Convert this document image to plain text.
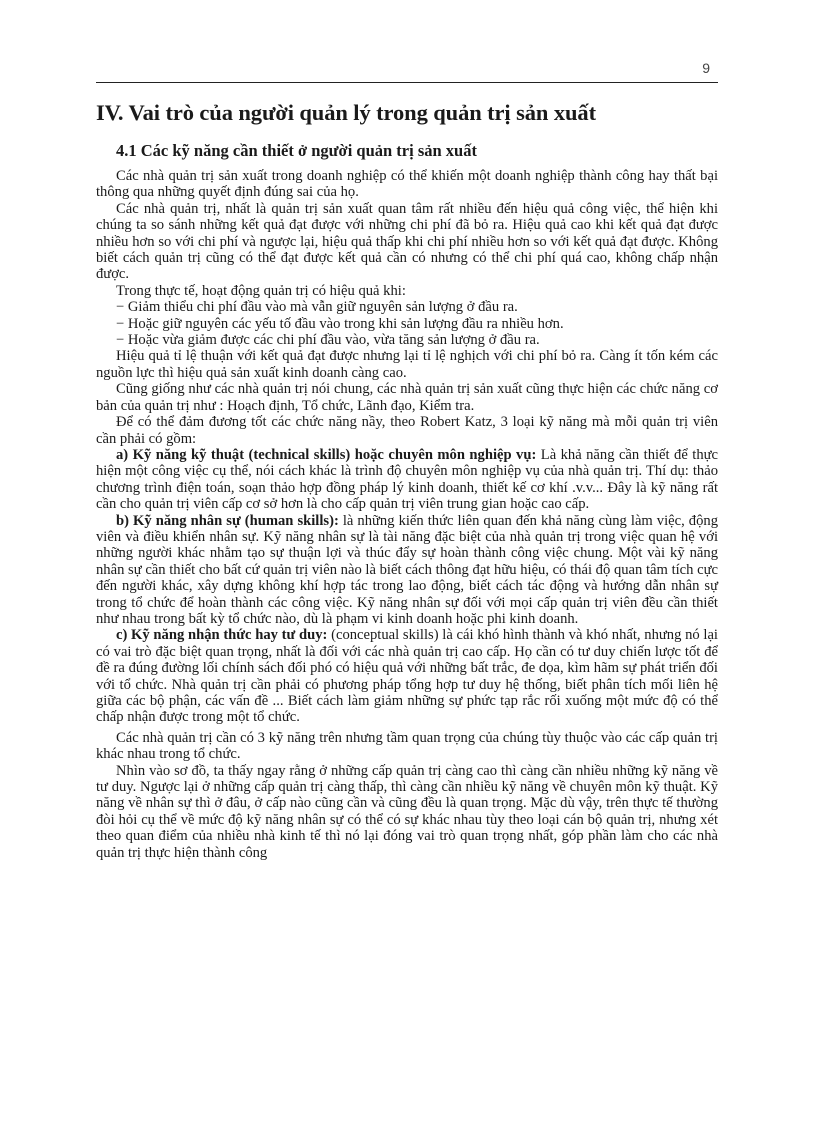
9
IV. Vai trò của người quản lý trong quản trị sản xuất
4.1 Các kỹ năng cần thiết ở người quản trị sản xuất

Các nhà quản trị sản xuất trong doanh nghiệp có thể khiến một doanh nghiệp thành công hay thất bại thông qua những quyết định đúng sai của họ.

Các nhà quản trị, nhất là quản trị sản xuất quan tâm rất nhiều đến hiệu quả công việc, thể hiện khi chúng ta so sánh những kết quả đạt được với những chi phí đã bỏ ra. Hiệu quả cao khi kết quả đạt được nhiều hơn so với chi phí và ngược lại, hiệu quả thấp khi chi phí nhiều hơn so với kết quả đạt được. Không biết cách quản trị cũng có thể đạt được kết quả cần có nhưng có thể chi phí quá cao, không chấp nhận được.

Trong thực tế, hoạt động quản trị có hiệu quả khi:

− Giảm thiểu chi phí đầu vào mà vẫn giữ nguyên sản lượng ở đầu ra.

− Hoặc giữ nguyên các yếu tố đầu vào trong khi sản lượng đầu ra nhiều hơn.

− Hoặc vừa giảm được các chi phí đầu vào, vừa tăng sản lượng ở đầu ra.

Hiệu quả tỉ lệ thuận với kết quả đạt được nhưng lại tỉ lệ nghịch với chi phí bỏ ra. Càng ít tốn kém các nguồn lực thì hiệu quả sản xuất kinh doanh càng cao.

Cũng giống như các nhà quản trị nói chung, các nhà quản trị sản xuất cũng thực hiện các chức năng cơ bản của quản trị như : Hoạch định, Tổ chức, Lãnh đạo, Kiểm tra.

Để có thể đảm đương tốt các chức năng nầy, theo Robert Katz, 3 loại kỹ năng mà mỗi quản trị viên cần phải có gồm:

a) Kỹ năng kỹ thuật (technical skills) hoặc chuyên môn nghiệp vụ: Là khả năng cần thiết để thực hiện một công việc cụ thể, nói cách khác là trình độ chuyên môn nghiệp vụ của nhà quản trị. Thí dụ: thảo chương trình điện toán, soạn thảo hợp đồng pháp lý kinh doanh, thiết kế cơ khí .v.v... Đây là kỹ năng rất cần cho quản trị viên cấp cơ sở hơn là cho cấp quản trị viên trung gian hoặc cao cấp.

b) Kỹ năng nhân sự (human skills): là những kiến thức liên quan đến khả năng cùng làm việc, động viên và điều khiển nhân sự. Kỹ năng nhân sự là tài năng đặc biệt của nhà quản trị trong việc quan hệ với những người khác nhằm tạo sự thuận lợi và thúc đẩy sự hoàn thành công việc chung. Một vài kỹ năng nhân sự cần thiết cho bất cứ quản trị viên nào là biết cách thông đạt hữu hiệu, có thái độ quan tâm tích cực đến người khác, xây dựng không khí hợp tác trong lao động, biết cách tác động và hướng dẫn nhân sự trong tổ chức để hoàn thành các công việc. Kỹ năng nhân sự đối với mọi cấp quản trị viên đều cần thiết như nhau trong bất kỳ tổ chức nào, dù là phạm vi kinh doanh hoặc phi kinh doanh.

c) Kỹ năng nhận thức hay tư duy: (conceptual skills) là cái khó hình thành và khó nhất, nhưng nó lại có vai trò đặc biệt quan trọng, nhất là đối với các nhà quản trị cao cấp. Họ cần có tư duy chiến lược tốt để đề ra đúng đường lối chính sách đối phó có hiệu quả với những bất trắc, đe dọa, kìm hãm sự phát triển đối với tổ chức. Nhà quản trị cần phải có phương pháp tổng hợp tư duy hệ thống, biết phân tích mối liên hệ giữa các bộ phận, các vấn đề ... Biết cách làm giảm những sự phức tạp rắc rối xuống một mức độ có thể chấp nhận được trong một tổ chức.

Các nhà quản trị cần có 3 kỹ năng trên nhưng tầm quan trọng của chúng tùy thuộc vào các cấp quản trị khác nhau trong tổ chức.

Nhìn vào sơ đồ, ta thấy ngay rằng ở những cấp quản trị càng cao thì càng cần nhiều những kỹ năng về tư duy. Ngược lại ở những cấp quản trị càng thấp, thì càng cần nhiều kỹ năng về chuyên môn kỹ thuật. Kỹ năng về nhân sự thì ở đâu, ở cấp nào cũng cần và cũng đều là quan trọng. Mặc dù vậy, trên thực tế thường đòi hỏi cụ thể về mức độ kỹ năng nhân sự có thể có sự khác nhau tùy theo loại cán bộ quản trị, nhưng xét theo quan điểm của nhiều nhà kinh tế thì nó lại đóng vai trò quan trọng nhất, góp phần làm cho các nhà quản trị thực hiện thành công
